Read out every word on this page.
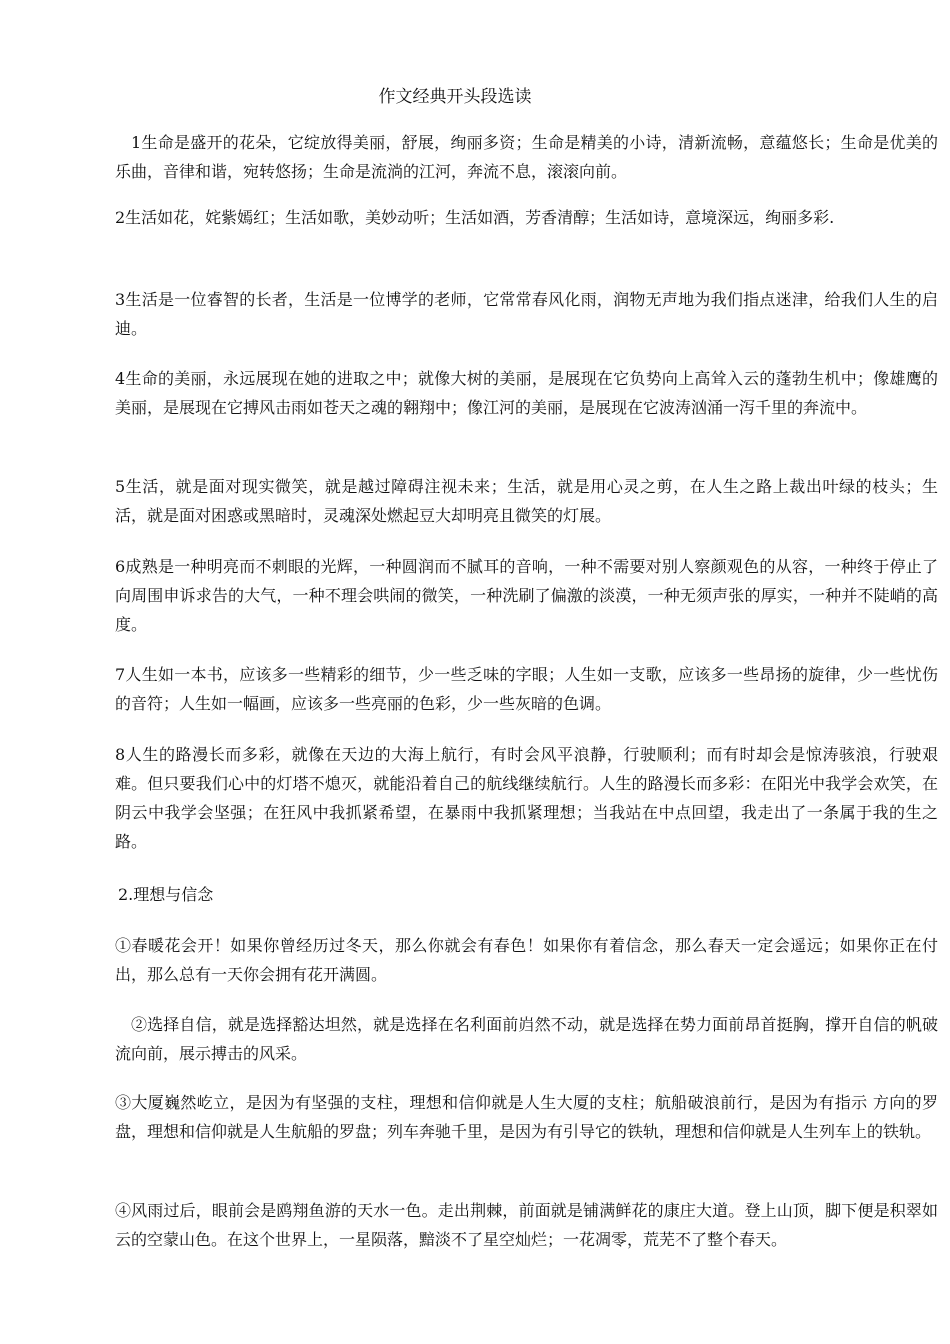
作文经典开头段选读

1生命是盛开的花朵，它绽放得美丽，舒展，绚丽多资；生命是精美的小诗，清新流畅，意蕴悠长；生命是优美的乐曲，音律和谐，宛转悠扬；生命是流淌的江河，奔流不息，滚滚向前。

2生活如花，姹紫嫣红；生活如歌，美妙动听；生活如酒，芳香清醇；生活如诗，意境深远，绚丽多彩.

3生活是一位睿智的长者，生活是一位博学的老师，它常常春风化雨，润物无声地为我们指点迷津，给我们人生的启迪。

4生命的美丽，永远展现在她的进取之中；就像大树的美丽，是展现在它负势向上高耸入云的蓬勃生机中；像雄鹰的美丽，是展现在它搏风击雨如苍天之魂的翱翔中；像江河的美丽，是展现在它波涛汹涌一泻千里的奔流中。

5生活，就是面对现实微笑，就是越过障碍注视未来；生活，就是用心灵之剪，在人生之路上裁出叶绿的枝头；生活，就是面对困惑或黑暗时，灵魂深处燃起豆大却明亮且微笑的灯展。

6成熟是一种明亮而不刺眼的光辉，一种圆润而不腻耳的音响，一种不需要对别人察颜观色的从容，一种终于停止了向周围申诉求告的大气，一种不理会哄闹的微笑，一种洗刷了偏激的淡漠，一种无须声张的厚实，一种并不陡峭的高度。

7人生如一本书，应该多一些精彩的细节，少一些乏味的字眼；人生如一支歌，应该多一些昂扬的旋律，少一些忧伤的音符；人生如一幅画，应该多一些亮丽的色彩，少一些灰暗的色调。

8人生的路漫长而多彩，就像在天边的大海上航行，有时会风平浪静，行驶顺利；而有时却会是惊涛骇浪，行驶艰难。但只要我们心中的灯塔不熄灭，就能沿着自己的航线继续航行。人生的路漫长而多彩：在阳光中我学会欢笑，在阴云中我学会坚强；在狂风中我抓紧希望，在暴雨中我抓紧理想；当我站在中点回望，我走出了一条属于我的生之路。

2.理想与信念

①春暖花会开！如果你曾经历过冬天，那么你就会有春色！如果你有着信念，那么春天一定会遥远；如果你正在付出，那么总有一天你会拥有花开满圆。

②选择自信，就是选择豁达坦然，就是选择在名利面前岿然不动，就是选择在势力面前昂首挺胸，撑开自信的帆破流向前，展示搏击的风采。

③大厦巍然屹立，是因为有坚强的支柱，理想和信仰就是人生大厦的支柱；航船破浪前行，是因为有指示 方向的罗盘，理想和信仰就是人生航船的罗盘；列车奔驰千里，是因为有引导它的铁轨，理想和信仰就是人生列车上的铁轨。

④风雨过后，眼前会是鸥翔鱼游的天水一色。走出荆棘，前面就是铺满鲜花的康庄大道。登上山顶，脚下便是积翠如云的空蒙山色。在这个世界上，一星陨落，黯淡不了星空灿烂；一花凋零，荒芜不了整个春天。
